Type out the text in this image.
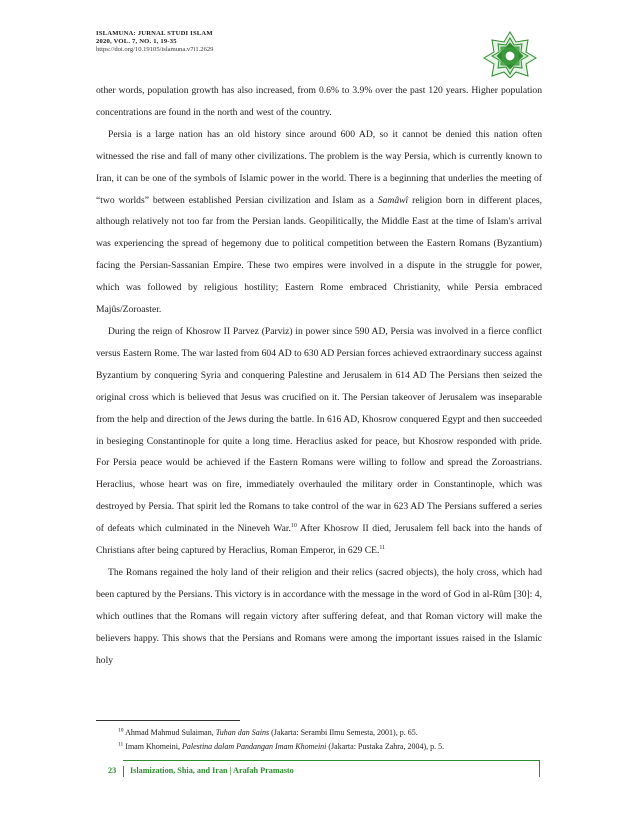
ISLAMUNA: JURNAL STUDI ISLAM
2020, VOL. 7, NO. 1, 19-35
https://doi.org/10.19105/islamuna.v7i1.2629

other words, population growth has also increased, from 0.6% to 3.9% over the past 120 years. Higher population concentrations are found in the north and west of the country.

Persia is a large nation has an old history since around 600 AD, so it cannot be denied this nation often witnessed the rise and fall of many other civilizations. The problem is the way Persia, which is currently known to Iran, it can be one of the symbols of Islamic power in the world. There is a beginning that underlies the meeting of “two worlds” between established Persian civilization and Islam as a Samâwî religion born in different places, although relatively not too far from the Persian lands. Geopilitically, the Middle East at the time of Islam's arrival was experiencing the spread of hegemony due to political competition between the Eastern Romans (Byzantium) facing the Persian-Sassanian Empire. These two empires were involved in a dispute in the struggle for power, which was followed by religious hostility; Eastern Rome embraced Christianity, while Persia embraced Majûs/Zoroaster.

During the reign of Khosrow II Parvez (Parviz) in power since 590 AD, Persia was involved in a fierce conflict versus Eastern Rome. The war lasted from 604 AD to 630 AD Persian forces achieved extraordinary success against Byzantium by conquering Syria and conquering Palestine and Jerusalem in 614 AD The Persians then seized the original cross which is believed that Jesus was crucified on it. The Persian takeover of Jerusalem was inseparable from the help and direction of the Jews during the battle. In 616 AD, Khosrow conquered Egypt and then succeeded in besieging Constantinople for quite a long time. Heraclius asked for peace, but Khosrow responded with pride. For Persia peace would be achieved if the Eastern Romans were willing to follow and spread the Zoroastrians. Heraclius, whose heart was on fire, immediately overhauled the military order in Constantinople, which was destroyed by Persia. That spirit led the Romans to take control of the war in 623 AD The Persians suffered a series of defeats which culminated in the Nineveh War.$^{10}$ After Khosrow II died, Jerusalem fell back into the hands of Christians after being captured by Heraclius, Roman Emperor, in 629 CE.$^{11}$

The Romans regained the holy land of their religion and their relics (sacred objects), the holy cross, which had been captured by the Persians. This victory is in accordance with the message in the word of God in al-Rûm [30]: 4, which outlines that the Romans will regain victory after suffering defeat, and that Roman victory will make the believers happy. This shows that the Persians and Romans were among the important issues raised in the Islamic holy

$^{10}$ Ahmad Mahmud Sulaiman, Tuhan dan Sains (Jakarta: Serambi Ilmu Semesta, 2001), p. 65.
$^{11}$ Imam Khomeini, Palestina dalam Pandangan Imam Khomeini (Jakarta: Pustaka Zahra, 2004), p. 5.
23 Islamization, Shia, and Iran | Arafah Pramasto
